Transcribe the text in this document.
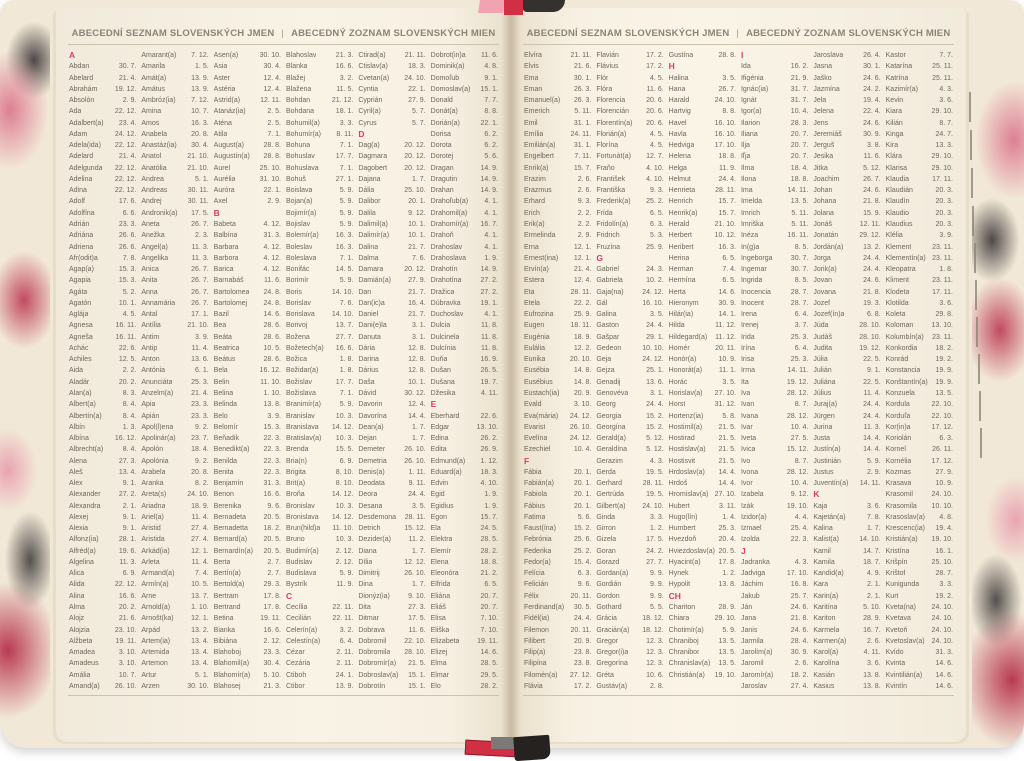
ABECEDNÍ SEZNAM SLOVENSKÝCH JMEN | ABECEDNÝ ZOZNAM SLOVENSKÝCH MIEN
A
Abdan	30. 7.
Abelard	21. 4.
Abrahám	19. 12.
Absolón	2. 9.
Ada	22. 12.
Adalbert(a) 23. 4.
Adam	24. 12.
Adela(ida) 22. 12.
Adelard	21. 4.
Adelgunda 22. 12.
Adelina	22. 12.
Adina	22. 12.
Adolf	17. 6.
Adolfína	6. 6.
Adrián	23. 3.
Adriána	26. 6.
Adriena	26. 6.
Afr(odit)a	7. 8.
Agap(a)	15. 3.
Agapia	15. 3.
Agáta	5. 2.
Agatón	10. 1.
Aglája	4. 5.
Agnesa	16. 11.
Agneša	16. 11.
Achác	22. 6.
Achiles	12. 5.
Aida	2. 2.
Aladár	20. 2.
Alan(a)	8. 3.
Albert(a)	8. 4.
Albertín(a)	8. 4.
Albín	1. 3.
Albína	16. 12.
Albrecht(a)	8. 4.
Alena	27. 3.
Aleš	13. 4.
Alex	9. 1.
Alexander	27. 2.
Alexandra	2. 1.
Alexej	9. 1.
Alexia	9. 1.
Alfonz(ia)	28. 1.
Alfréd(a)	19. 6.
Algelina	11. 3.
Alica	6. 9.
Alida	22. 12.
Alina	16. 6.
Alma	20. 2.
Alojz	21. 6.
Alojzia	23. 10.
Alžbeta	19. 11.
Amadea	3. 10.
Amadeus	3. 10.
Amália	10. 7.
Amand(a) 26. 10.
Amarant(a) 7. 12.
Amarila	1. 5.
Amát(a)	13. 9.
Amátus	13. 9.
Ambróz(ia) 7. 12.
Amina	10. 7.
Amos	16. 3.
Anabela	20. 8.
Anastáz(ia) 30. 4.
Anatol	21. 10.
Anatólia	21. 10.
Andrea	5. 1.
Andreas	30. 11.
Andrej	30. 11.
Andronik(a) 17. 5.
Aneta	26. 7.
Anežka	2. 3.
Angel(a)	11. 3.
Angelika	11. 3.
Anica	26. 7.
Anita	26. 7.
Anna	26. 7.
Annamária 26. 7.
Antal	17. 1.
Antília	21. 10.
Antim	3. 9.
Antip	11. 4.
Anton	13. 6.
Antónia	6. 1.
Anunciáta	25. 3.
Anzelm(a)	21. 4.
Apia	23. 3.
Apián	23. 3.
Apol(l)ena	9. 2.
Apolinár(a) 23. 7.
Apolón	18. 4.
Apolónia	9. 2.
Arabela	20. 8.
Aranka	8. 2.
Areta(s)	24. 10.
Ariadna	18. 9.
Ariel(a)	11. 4.
Aristid	27. 4.
Aristida	27. 4.
Arkád(ia)	12. 1.
Arleta	11. 4.
Armand(a)	7. 4.
Armín(a)	10. 5.
Arne	13. 7.
Arnold(a)	1. 10.
Arnošt(ka)	12. 1.
Arpád	13. 2.
Artem(ia)	13. 4.
Artemida	13. 4.
Artemon	13. 4.
Artur	5. 1.
Arzen	30. 10.
Asen(a)	30. 10.
Asia	30. 4.
Aster	12. 4.
Astéria	12. 4.
Astrid(a)	12. 11.
Atanáz(ia)	2. 5.
Aténa	2. 5.
Atila	7. 1.
August(a)	28. 8.
Augustín(a) 28. 8.
Aurel	25. 10.
Aurélia	31. 10.
Auróra	22. 1.
Axel	2. 9.
B
Babeta	4. 12.
Balbína	31. 3.
Barbara	4. 12.
Barbora	4. 12.
Barica	4. 12.
Barnabáš	11. 6.
Bartolomea 24. 8.
Bartolomej 24. 8.
Bazil	14. 6.
Bea	28. 6.
Beáta	28. 6.
Beatrica	10. 5.
Beátus	28. 6.
Bela	16. 12.
Belin	11. 10.
Belina	1. 10.
Belinda	13. 8.
Belo	3. 9.
Belomír	15. 3.
Beňadik	22. 3.
Benedikt(a) 22. 3.
Benilda	22. 3.
Benita	22. 3.
Benjamín	31. 3.
Benon	16. 6.
Berenika	9. 6.
Bernadeta	20. 5.
Bernadetta 18. 2.
Bernard(a) 20. 5.
Bernardín(a) 20. 5.
Berta	2. 7.
Bertín(a)	2. 7.
Bertold(a)	29. 3.
Bertram	17. 8.
Bertrand	17. 8.
Betina	19. 11.
Bianka	16. 6.
Bibiána	2. 12.
Blahoboj	23. 3.
Blahomil(a) 30. 4.
Blahomír(a) 5. 10.
Blahosej	21. 3.
Blahoslav	21. 3.
Blanka	16. 6.
Blažej	3. 2.
Blažena	11. 5.
Bohdan	21. 12.
Bohdana	18. 1.
Bohumil(a)	3. 3.
Bohumír(a) 8. 11.
Bohuna	7. 1.
Bohuslav	17. 7.
Bohuslava	7. 1.
Bohuš	27. 1.
Boislava	5. 9.
Bojan(a)	5. 9.
Bojimír(a)	5. 9.
Bojislav	5. 9.
Bolemír(a) 16. 3.
Boleslav	16. 3.
Boleslava	7. 1.
Bonifác	14. 5.
Borimír	5. 9.
Boris	14. 10.
Borislav	7. 6.
Borislava 14. 10.
Borivoj	13. 7.
Božena	27. 7.
Božetech(a) 16. 6.
Božica	1. 8.
Božidar(a)	1. 8.
Božislav	17. 7.
Božislava	7. 1.
Branimír(a)	5. 9.
Branislav	10. 3.
Branislava 14. 12.
Bratislav(a) 10. 3.
Brenda	15. 5.
Bria(n)	6. 9.
Brigita	8. 10.
Brit(a)	8. 10.
Broňa	14. 12.
Bronislav	10. 3.
Bronislava 14. 12.
Brun(hild)a 11. 10.
Bruno	10. 3.
Budimír(a) 2. 12.
Budislav	2. 12.
Budislava	5. 9.
Bystrík	11. 9.
C
Cecília	22. 11.
Cecilián	22. 11.
Celerín(a)	3. 2.
Celestín(a)	6. 4.
Cézar	2. 11.
Cezária	2. 11.
Ctiboh	24. 1.
Ctibor	13. 9.
Ctirad(a)	21. 11.
Ctislav(a)	18. 3.
Cvetan(a) 24. 10.
Cyntia	22. 1.
Cyprián	27. 9.
Cyril(a)	5. 7.
Cyrus	5. 7.
D
Dag(a)	20. 12.
Dagmara 20. 12.
Dagobert 20. 12.
Dajana	1. 7.
Dália	25. 10.
Dalibor	20. 1.
Dalila	9. 12.
Dalimil(a)	10. 1.
Dalimír(a)	10. 1.
Dalina	21. 7.
Dalma	7. 6.
Damara	20. 12.
Damián(a) 27. 9.
Dan	21. 7.
Dan(ic)a	16. 4.
Daniel	21. 7.
Dani(e)la	3. 1.
Danuta	3. 1.
Dária	12. 8.
Darina	12. 8.
Dárius	12. 8.
Daša	10. 1.
Dávid	30. 12.
Davorin	12. 4.
Davorína	14. 4.
Dean(a)	1. 7.
Dejan	1. 7.
Demeter	26. 10.
Demetria	26. 10.
Denis(a)	1. 11.
Deodata	9. 11.
Deora	24. 4.
Desana	3. 5.
Desdemona 28. 11.
Detrich	15. 12.
Dezider(a)	11. 2.
Diana	1. 7.
Dília	12. 12.
Dimitrij	26. 10.
Dina	1. 7.
Dionýz(ia)	9. 10.
Dita	27. 3.
Ditmar	17. 5.
Dobrava	11. 6.
Dobromil	22. 10.
Dobromila 28. 10.
Dobromír(a) 21. 5.
Dobroslav(a) 15. 1.
Dobrotín	15. 1.
Dobrot(in)a 11. 6.
Dominik(a)	4. 8.
Domoľub	9. 1.
Domoslav(a) 15. 1.
Donald	7. 7.
Donát(a)	8. 8.
Dorián(a)	22. 1.
Dorisa	6. 2.
Dorota	6. 2.
Dorotej	5. 6.
Dragan	14. 9.
Dragutin	14. 9.
Drahan	14. 9.
Drahoľub(a) 4. 1.
Drahomil(a) 4. 1.
Drahomír(a) 16. 7.
Drahoň	4. 1.
Drahoslav	4. 1.
Drahoslava	1. 9.
Drahotín	14. 9.
Drahotína	27. 2.
Dražica	27. 2.
Dúbravka	19. 1.
Duchoslav	4. 1.
Dulcia	11. 8.
Dulcinela	11. 8.
Dulcínia	11. 8.
Duňa	16. 9.
Dušan	26. 5.
Dušana	19. 7.
Džesika	4. 11.
E
Eberhard	22. 6.
Edgar	13. 10.
Edina	26. 2.
Edita	26. 9.
Edmund(a) 1. 12.
Eduard(a)	18. 3.
Edvin	4. 10.
Egid	1. 9.
Egidius	1. 9.
Egon	15. 7.
Ela	24. 5.
Elektra	28. 5.
Elemír	28. 2.
Elena	18. 8.
Eleonóra	21. 2.
Elfrida	6. 5.
Eliána	20. 7.
Eliáš	20. 7.
Elisa	7. 10.
Eliška	7. 10.
Elizabeta	19. 11.
Elizej	14. 6.
Elma	28. 5.
Elmar	29. 5.
Elo	28. 2.
ABECEDNÍ SEZNAM SLOVENSKÝCH JMEN | ABECEDNÝ ZOZNAM SLOVENSKÝCH MIEN
Elvíra	21. 11.
Elvis	21. 6.
Ema	30. 1.
Eman	26. 3.
Emanuel(a) 26. 3.
Emerich	5. 11.
Emil	31. 1.
Emília	24. 11.
Emilián(a)	31. 1.
Engelbert	7. 11.
Enrik(a)	15. 7.
Erazim	2. 6.
Erazmus	2. 6.
Erhard	9. 3.
Erich	2. 2.
Erik(a)	2. 2.
Ermelinda	2. 9.
Erna	12. 1.
Ernest(ina) 12. 1.
Ervín(a)	21. 4.
Estera	12. 4.
Eta	28. 11.
Etela	22. 2.
Eufrozina	25. 9.
Eugen	18. 11.
Eugénia	18. 9.
Eulália	12. 2.
Eunika	20. 10.
Eusébia	14. 8.
Eusébius	14. 8.
Eustach(ia) 20. 9.
Evald	3. 10.
Eva(mária) 24. 12.
Evarist	26. 10.
Evelína	24. 12.
Ezechiel	10. 4.
F
Fábia	20. 1.
Fabián(a)	20. 1.
Fabiola	20. 1.
Fábius	20. 1.
Fatima	5. 6.
Faust(ína)	15. 2.
Febrónia	25. 6.
Federika	25. 2.
Fedor(a)	15. 4.
Felícia	6. 3.
Felicián	9. 6.
Félix	20. 11.
Ferdinand(a) 30. 5.
Fidél(ia)	24. 4.
Filemon	20. 11.
Filibert	20. 9.
Filip(a)	23. 8.
Filipína	23. 8.
Filomén(a) 27. 12.
Flávia	17. 2.
Flavián	17. 2.
Flávius	17. 2.
Flór	4. 5.
Flóra	11. 6.
Florencia	20. 6.
Florencián 20. 6.
Florentín(a) 20. 6.
Florián(a)	4. 5.
Florína	4. 5.
Fortunát(a) 12. 7.
Fraňo	4. 10.
František	4. 10.
Františka	9. 3.
Frederik(a) 25. 2.
Frída	6. 5.
Fridolín(a)	6. 3.
Fridrich	5. 3.
Fruzína	25. 9.
G
Gabriel	24. 3.
Gabriela	10. 2.
Gaja(na)	24. 12.
Gál	16. 10.
Galina	3. 5.
Gaston	24. 4.
Gašpar	29. 1.
Gedeon	10. 10.
Geja	24. 12.
Gejza	25. 1.
Genadij	13. 6.
Genovéva	3. 1.
Georg	24. 4.
Georgia	15. 2.
Georgína	15. 2.
Gerald(a)	5. 12.
Geraldína	5. 12.
Gerazim	4. 3.
Gerda	19. 5.
Gerhard	28. 11.
Gertrúda	19. 5.
Gilbert(a) 24. 10.
Ginda	3. 3.
Girron	1. 2.
Gizela	17. 5.
Goran	24. 2.
Gorazd	27. 7.
Gordan(a)	9. 9.
Gordián	9. 9.
Gordon	9. 9.
Gothard	5. 5.
Grácia	18. 12.
Gracián(a) 18. 12.
Gregor	12. 3.
Gregor(i)a	12. 3.
Gregorína	12. 3.
Gréta	10. 6.
Gustáv(a)	2. 8.
Gustína	28. 8.
H
Halina	3. 5.
Hana	26. 7.
Harald	24. 10.
Hartvig	8. 8.
Havel	16. 10.
Havla	16. 10.
Hedviga	17. 10.
Helena	18. 8.
Helga	11. 9.
Helmut	24. 4.
Henrieta	28. 11.
Henrich	15. 7.
Henrik(a)	15. 7.
Herald	21. 10.
Herbert	10. 12.
Heribert	16. 3.
Herina	6. 5.
Herman	7. 4.
Hermína	6. 5.
Herta	14. 6.
Hieronym	30. 9.
Hilár(ia)	14. 1.
Hilda	11. 12.
Hildegard(a) 11. 12.
Homér	20. 11.
Honór(a)	10. 9.
Honorát(a) 11. 1.
Horác	3. 5.
Horislav(a) 27. 10.
Horst	31. 12.
Hortenz(ia)	5. 8.
Hostimil(a) 21. 5.
Hostirad	21. 5.
Hostislav(a) 21. 5.
Hostisvit	21. 5.
Hrdoslav(a) 14. 4.
Hrdoš	14. 4.
Hromislav(a) 27. 10.
Hubert	3. 11.
Hugo(lín)	1. 4.
Humbert	25. 3.
Hvezdoň	20. 4.
Hviezdoslav(a) 20. 5.
Hyacint(a)	17. 8.
Hynek	1. 2.
Hypolit	13. 8.
CH
Chariton	28. 9.
Chiara	29. 10.
Chotimír(a)	5. 9.
Chraniboj	13. 5.
Chranibor	13. 5.
Chranislav(a) 13. 5.
Christián(a) 19. 10.
I
Ida	16. 2.
Ifigénia	21. 9.
Ignác(ia)	31. 7.
Ignát	31. 7.
Igor(a)	10. 4.
Ilarion	28. 3.
Iliana	20. 7.
Ilja	20. 7.
Iľja	20. 7.
Ilma	18. 4.
Ilona	18. 8.
Ima	14. 11.
Imelda	13. 5.
Imrich	5. 11.
Imriška	5. 11.
Inéza	16. 11.
In(g)a	8. 5.
Ingeborga	30. 7.
Ingemar	30. 7.
Ingrida	8. 5.
Inocencia	28. 7.
Inocent	28. 7.
Irena	6. 4.
Irenej	3. 7.
Irida	25. 3.
Irína	6. 4.
Irisa	25. 3.
Irma	14. 11.
Ita	19. 12.
Iva	28. 12.
Ivan	8. 7.
Ivana	28. 12.
Ivar	10. 4.
Iveta	27. 5.
Ivica	15. 12.
Ivo	8. 7.
Ivona	28. 12.
Ivor	10. 4.
Izabela	9. 12.
Izák	19. 10.
Izidor(a)	4. 4.
Izmael	25. 4.
Izolda	22. 3.
J
Jadranka	4. 3.
Jadviga	17. 10.
Jáchim	16. 8.
Jakub	25. 7.
Ján	24. 6.
Jana	21. 8.
Janis	24. 6.
Jarmila	28. 4.
Jarolím(a)	30. 9.
Jaromil	2. 6.
Jaromír(a)	18. 2.
Jaroslav	27. 4.
Jaroslava	26. 4.
Jasna	30. 1.
Jaško	24. 6.
Jazmína	24. 2.
Jela	19. 4.
Jelena	22. 4.
Jens	24. 6.
Jeremiáš	30. 9.
Jerguš	3. 8.
Jesika	11. 6.
Jitka	5. 12.
Joachim	26. 7.
Johan	24. 6.
Johana	21. 8.
Jolana	15. 9.
Jonáš	12. 11.
Jonatán	29. 12.
Jordán(a)	13. 2.
Jorga	24. 4.
Jorik(a)	24. 4.
Jovan	24. 6.
Jovana	21. 8.
Jozef	19. 3.
Jozef(ín)a	6. 8.
Júda	28. 10.
Judáš	28. 10.
Judita	19. 12.
Júlia	22. 5.
Julián	9. 1.
Juliána	22. 5.
Július	11. 4.
Juraj(a)	24. 4.
Jürgen	24. 4.
Jurina	11. 3.
Justa	14. 4.
Justín(a)	14. 4.
Justinián	5. 9.
Justus	2. 9.
Juventín(a) 14. 11.
K
Kaja	3. 6.
Kajetán(a)	7. 8.
Kalina	1. 7.
Kalist(a)	14. 10.
Kamil	14. 7.
Kamila	18. 7.
Kandid(a)	4. 9.
Kara	2. 1.
Karin(a)	2. 1.
Karitína	5. 10.
Kariton	28. 9.
Karmela	16. 7.
Karmen(a)	2. 6.
Karol(a)	4. 11.
Karolína	3. 6.
Kasián	13. 8.
Kasius	13. 8.
Kastor	7. 7.
Katarína	25. 11.
Katrína	25. 11.
Kazimír(a)	4. 3.
Kevin	3. 6.
Kiara	29. 10.
Kilián	8. 7.
Kinga	24. 7.
Kira	13. 3.
Klára	29. 10.
Klarisa	29. 10.
Klaudia	17. 11.
Klaudián	20. 3.
Klaudín	20. 3.
Klaudio	20. 3.
Klaudius	20. 3.
Klélia	3. 9.
Klement	23. 11.
Klementín(a) 23. 11.
Kleopatra	1. 8.
Kliment	23. 11.
Klodeta	17. 11.
Klotilda	3. 6.
Koleta	29. 8.
Koloman	13. 10.
Kolumbín(a) 23. 11.
Konkordia	18. 2.
Konrád	19. 2.
Konstancia 19. 9.
Konštantín(a) 19. 9.
Konzuela	13. 5.
Kordula	22. 10.
Korduľa	22. 10.
Kor(in)a	17. 12.
Koriolán	6. 3.
Kornel	26. 11.
Kornélia	17. 12.
Kozmas	27. 9.
Krasava	10. 9.
Krasomil	24. 10.
Krasomila 10. 10.
Krasoslav(a) 4. 8.
Krescenc(ia) 19. 4.
Kristián(a) 19. 10.
Kristína	16. 1.
Krišpín	25. 10.
Krištof	28. 7.
Kunigunda	3. 3.
Kurt	19. 2.
Kveta(na) 24. 10.
Kvetava	24. 10.
Kvetoň	24. 10.
Kvetoslav(a) 24. 10.
Kvído	31. 3.
Kvinta	14. 6.
Kvintilián(a) 14. 6.
Kvintín	14. 6.
